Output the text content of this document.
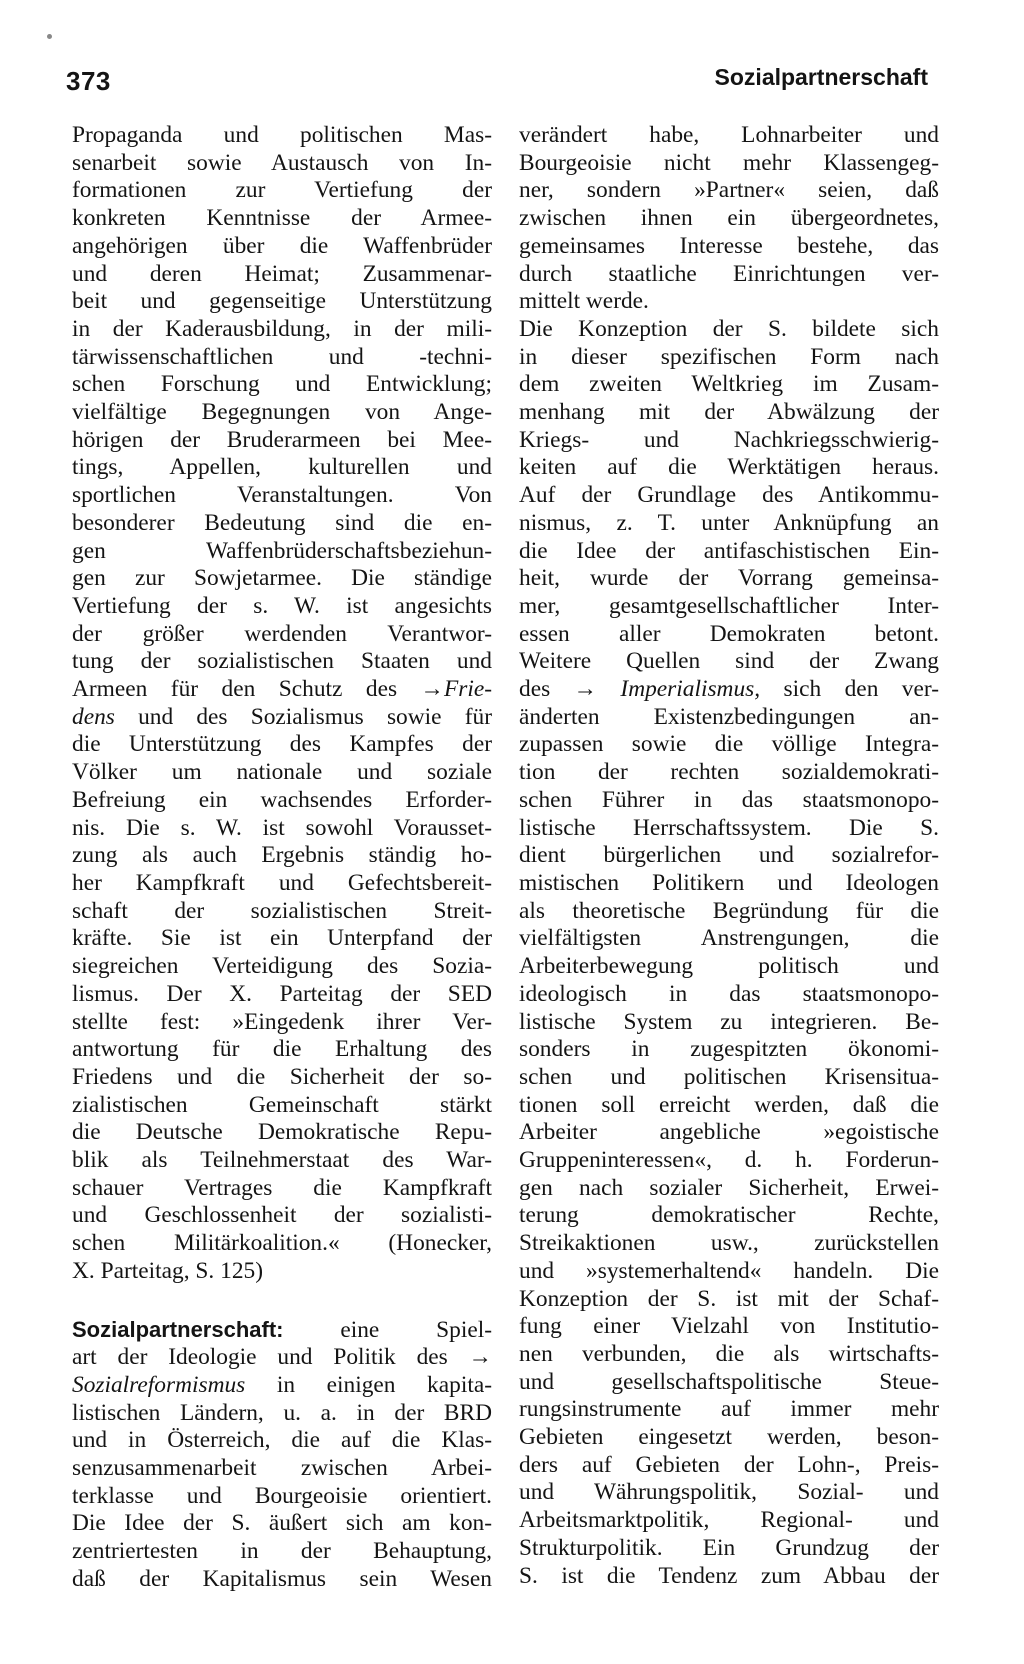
373	Sozialpartnerschaft
Propaganda und politischen Mas-
senarbeit sowie Austausch von In-
formationen zur Vertiefung der
konkreten Kenntnisse der Armee-
angehörigen über die Waffenbrüder
und deren Heimat; Zusammenar-
beit und gegenseitige Unterstützung
in der Kaderausbildung, in der mili-
tärwissenschaftlichen und -techni-
schen Forschung und Entwicklung;
vielfältige Begegnungen von Ange-
hörigen der Bruderarmeen bei Mee-
tings, Appellen, kulturellen und
sportlichen Veranstaltungen. Von
besonderer Bedeutung sind die en-
gen Waffenbrüderschaftsbeziehun-
gen zur Sowjetarmee. Die ständige
Vertiefung der s. W. ist angesichts
der größer werdenden Verantwor-
tung der sozialistischen Staaten und
Armeen für den Schutz des →Frie-
dens und des Sozialismus sowie für
die Unterstützung des Kampfes der
Völker um nationale und soziale
Befreiung ein wachsendes Erforder-
nis. Die s. W. ist sowohl Vorausset-
zung als auch Ergebnis ständig ho-
her Kampfkraft und Gefechtsbereit-
schaft der sozialistischen Streit-
kräfte. Sie ist ein Unterpfand der
siegreichen Verteidigung des Sozia-
lismus. Der X. Parteitag der SED
stellte fest: »Eingedenk ihrer Ver-
antwortung für die Erhaltung des
Friedens und die Sicherheit der so-
zialistischen Gemeinschaft stärkt
die Deutsche Demokratische Repu-
blik als Teilnehmerstaat des War-
schauer Vertrages die Kampfkraft
und Geschlossenheit der sozialisti-
schen Militärkoalition.« (Honecker,
X. Parteitag, S. 125)
Sozialpartnerschaft: eine Spiel-
art der Ideologie und Politik des →
Sozialreformismus in einigen kapita-
listischen Ländern, u. a. in der BRD
und in Österreich, die auf die Klas-
senzusammenarbeit zwischen Arbei-
terklasse und Bourgeoisie orientiert.
Die Idee der S. äußert sich am kon-
zentriertesten in der Behauptung,
daß der Kapitalismus sein Wesen
verändert habe, Lohnarbeiter und
Bourgeoisie nicht mehr Klassengeg-
ner, sondern »Partner« seien, daß
zwischen ihnen ein übergeordnetes,
gemeinsames Interesse bestehe, das
durch staatliche Einrichtungen ver-
mittelt werde.
Die Konzeption der S. bildete sich
in dieser spezifischen Form nach
dem zweiten Weltkrieg im Zusam-
menhang mit der Abwälzung der
Kriegs- und Nachkriegsschwierig-
keiten auf die Werktätigen heraus.
Auf der Grundlage des Antikommu-
nismus, z. T. unter Anknüpfung an
die Idee der antifaschistischen Ein-
heit, wurde der Vorrang gemeinsa-
mer, gesamtgesellschaftlicher Inter-
essen aller Demokraten betont.
Weitere Quellen sind der Zwang
des → Imperialismus, sich den ver-
änderten Existenzbedingungen an-
zupassen sowie die völlige Integra-
tion der rechten sozialdemokrati-
schen Führer in das staatsmonopo-
listische Herrschaftssystem. Die S.
dient bürgerlichen und sozialrefor-
mistischen Politikern und Ideologen
als theoretische Begründung für die
vielfältigsten Anstrengungen, die
Arbeiterbewegung politisch und
ideologisch in das staatsmonopo-
listische System zu integrieren. Be-
sonders in zugespitzten ökonomi-
schen und politischen Krisensitua-
tionen soll erreicht werden, daß die
Arbeiter angebliche »egoistische
Gruppeninteressen«, d. h. Forderun-
gen nach sozialer Sicherheit, Erwei-
terung demokratischer Rechte,
Streikaktionen usw., zurückstellen
und »systemerhaltend« handeln. Die
Konzeption der S. ist mit der Schaf-
fung einer Vielzahl von Institutio-
nen verbunden, die als wirtschafts-
und gesellschaftspolitische Steue-
rungsinstrumente auf immer mehr
Gebieten eingesetzt werden, beson-
ders auf Gebieten der Lohn-, Preis-
und Währungspolitik, Sozial- und
Arbeitsmarktpolitik, Regional- und
Strukturpolitik. Ein Grundzug der
S. ist die Tendenz zum Abbau der
